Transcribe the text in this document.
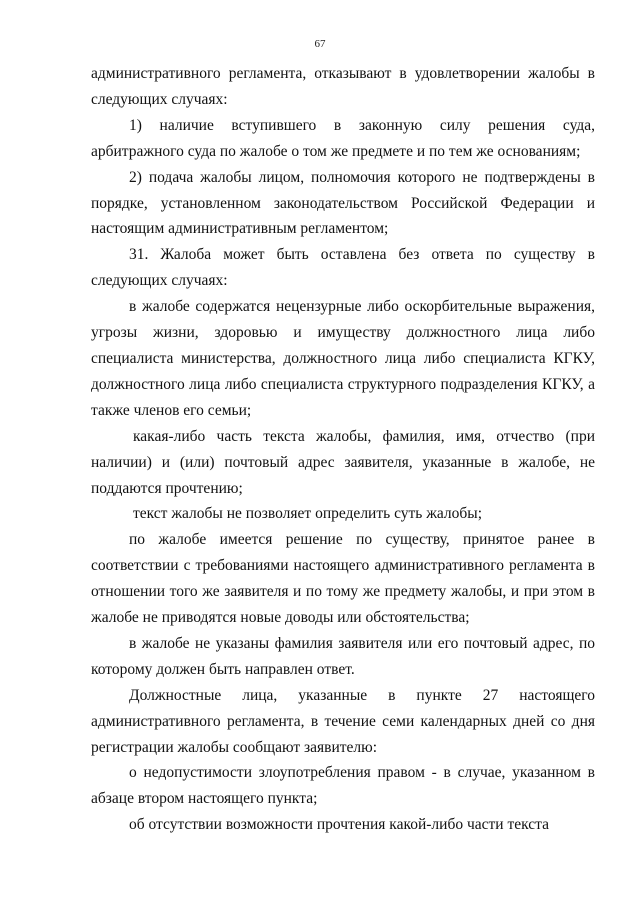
67

административного регламента, отказывают в удовлетворении жалобы в следующих случаях:

1) наличие вступившего в законную силу решения суда, арбитражного суда по жалобе о том же предмете и по тем же основаниям;

2) подача жалобы лицом, полномочия которого не подтверждены в порядке, установленном законодательством Российской Федерации и настоящим административным регламентом;

31. Жалоба может быть оставлена без ответа по существу в следующих случаях:

в жалобе содержатся нецензурные либо оскорбительные выражения, угрозы жизни, здоровью и имуществу должностного лица либо специалиста министерства, должностного лица либо специалиста КГКУ, должностного лица либо специалиста структурного подразделения КГКУ, а также членов его семьи;

какая-либо часть текста жалобы, фамилия, имя, отчество (при наличии) и (или) почтовый адрес заявителя, указанные в жалобе, не поддаются прочтению;

текст жалобы не позволяет определить суть жалобы;

по жалобе имеется решение по существу, принятое ранее в соответствии с требованиями настоящего административного регламента в отношении того же заявителя и по тому же предмету жалобы, и при этом в жалобе не приводятся новые доводы или обстоятельства;

в жалобе не указаны фамилия заявителя или его почтовый адрес, по которому должен быть направлен ответ.

Должностные лица, указанные в пункте 27 настоящего административного регламента, в течение семи календарных дней со дня регистрации жалобы сообщают заявителю:

о недопустимости злоупотребления правом - в случае, указанном в абзаце втором настоящего пункта;

об отсутствии возможности прочтения какой-либо части текста
